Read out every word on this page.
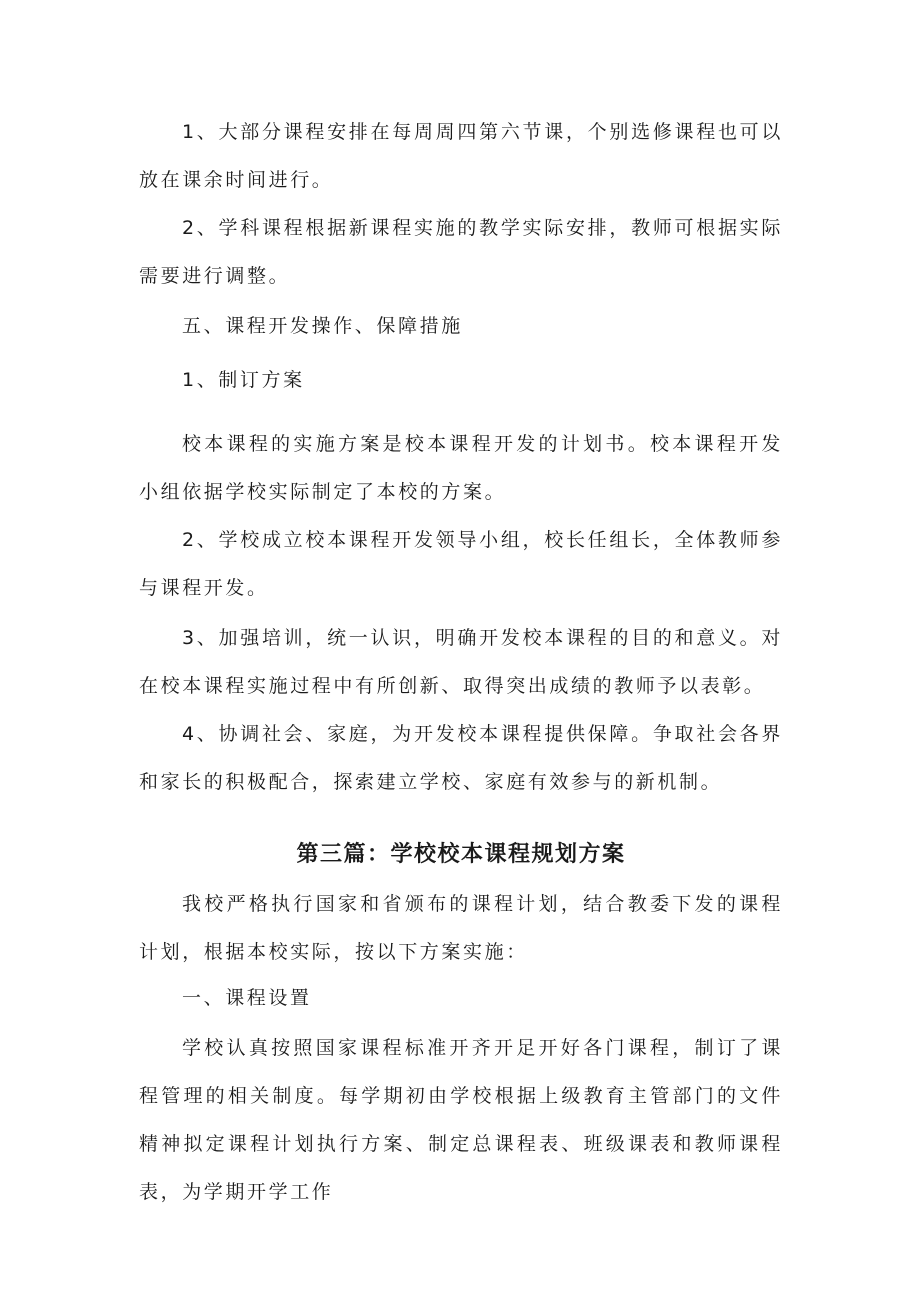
1、大部分课程安排在每周周四第六节课，个别选修课程也可以放在课余时间进行。

2、学科课程根据新课程实施的教学实际安排，教师可根据实际需要进行调整。

五、课程开发操作、保障措施

1、制订方案

校本课程的实施方案是校本课程开发的计划书。校本课程开发小组依据学校实际制定了本校的方案。

2、学校成立校本课程开发领导小组，校长任组长，全体教师参与课程开发。

3、加强培训，统一认识，明确开发校本课程的目的和意义。对在校本课程实施过程中有所创新、取得突出成绩的教师予以表彰。

4、协调社会、家庭，为开发校本课程提供保障。争取社会各界和家长的积极配合，探索建立学校、家庭有效参与的新机制。

第三篇：学校校本课程规划方案

我校严格执行国家和省颁布的课程计划，结合教委下发的课程计划，根据本校实际，按以下方案实施：

一、课程设置

学校认真按照国家课程标准开齐开足开好各门课程，制订了课程管理的相关制度。每学期初由学校根据上级教育主管部门的文件精神拟定课程计划执行方案、制定总课程表、班级课表和教师课程表，为学期开学工作
